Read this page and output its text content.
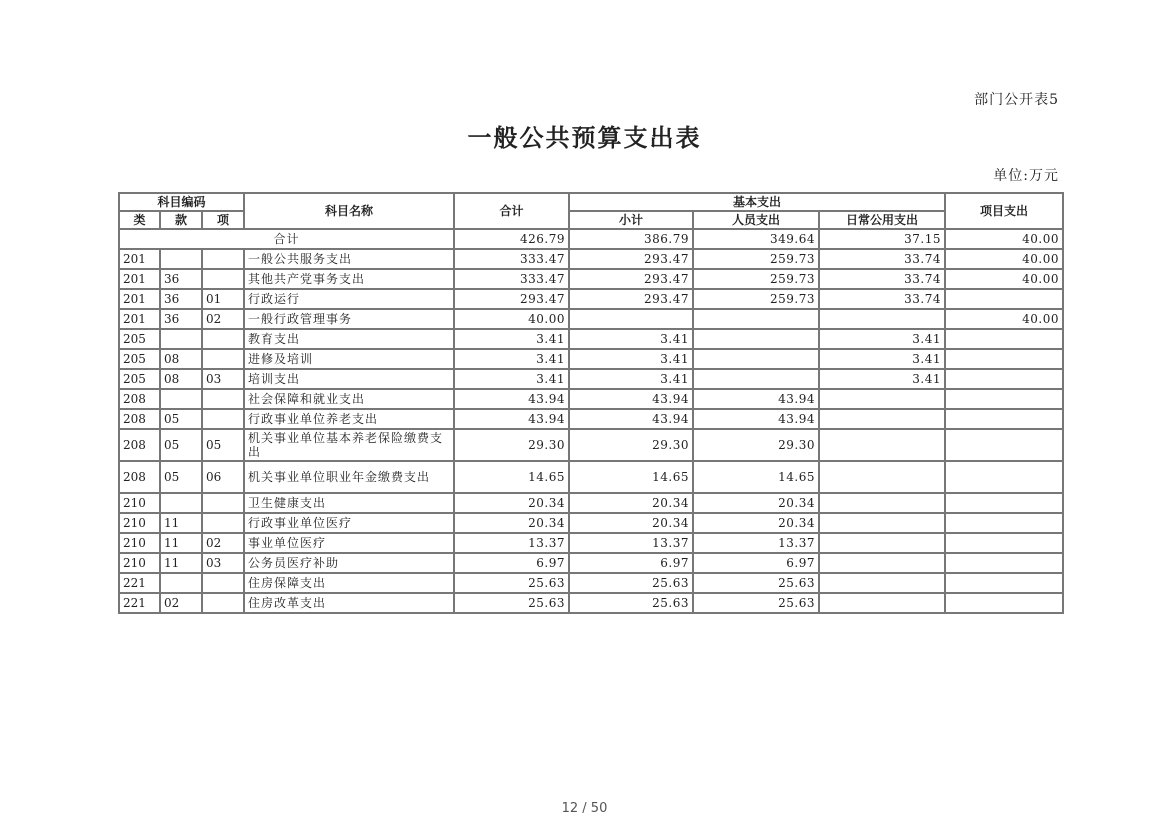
部门公开表5
一般公共预算支出表
单位:万元
科目编码			科目名称	合计	基本支出			项目支出
类	款	项			小计	人员支出	日常公用支出	
合计				426.79	386.79	349.64	37.15	40.00
201			一般公共服务支出	333.47	293.47	259.73	33.74	40.00
201	36		其他共产党事务支出	333.47	293.47	259.73	33.74	40.00
201	36	01	行政运行	293.47	293.47	259.73	33.74	
201	36	02	一般行政管理事务	40.00				40.00
205			教育支出	3.41	3.41		3.41	
205	08		进修及培训	3.41	3.41		3.41	
205	08	03	培训支出	3.41	3.41		3.41	
208			社会保障和就业支出	43.94	43.94	43.94		
208	05		行政事业单位养老支出	43.94	43.94	43.94		
208	05	05	机关事业单位基本养老保险缴费支出	29.30	29.30	29.30		
208	05	06	机关事业单位职业年金缴费支出	14.65	14.65	14.65		
210			卫生健康支出	20.34	20.34	20.34		
210	11		行政事业单位医疗	20.34	20.34	20.34		
210	11	02	事业单位医疗	13.37	13.37	13.37		
210	11	03	公务员医疗补助	6.97	6.97	6.97		
221			住房保障支出	25.63	25.63	25.63		
221	02		住房改革支出	25.63	25.63	25.63		
12 / 50
